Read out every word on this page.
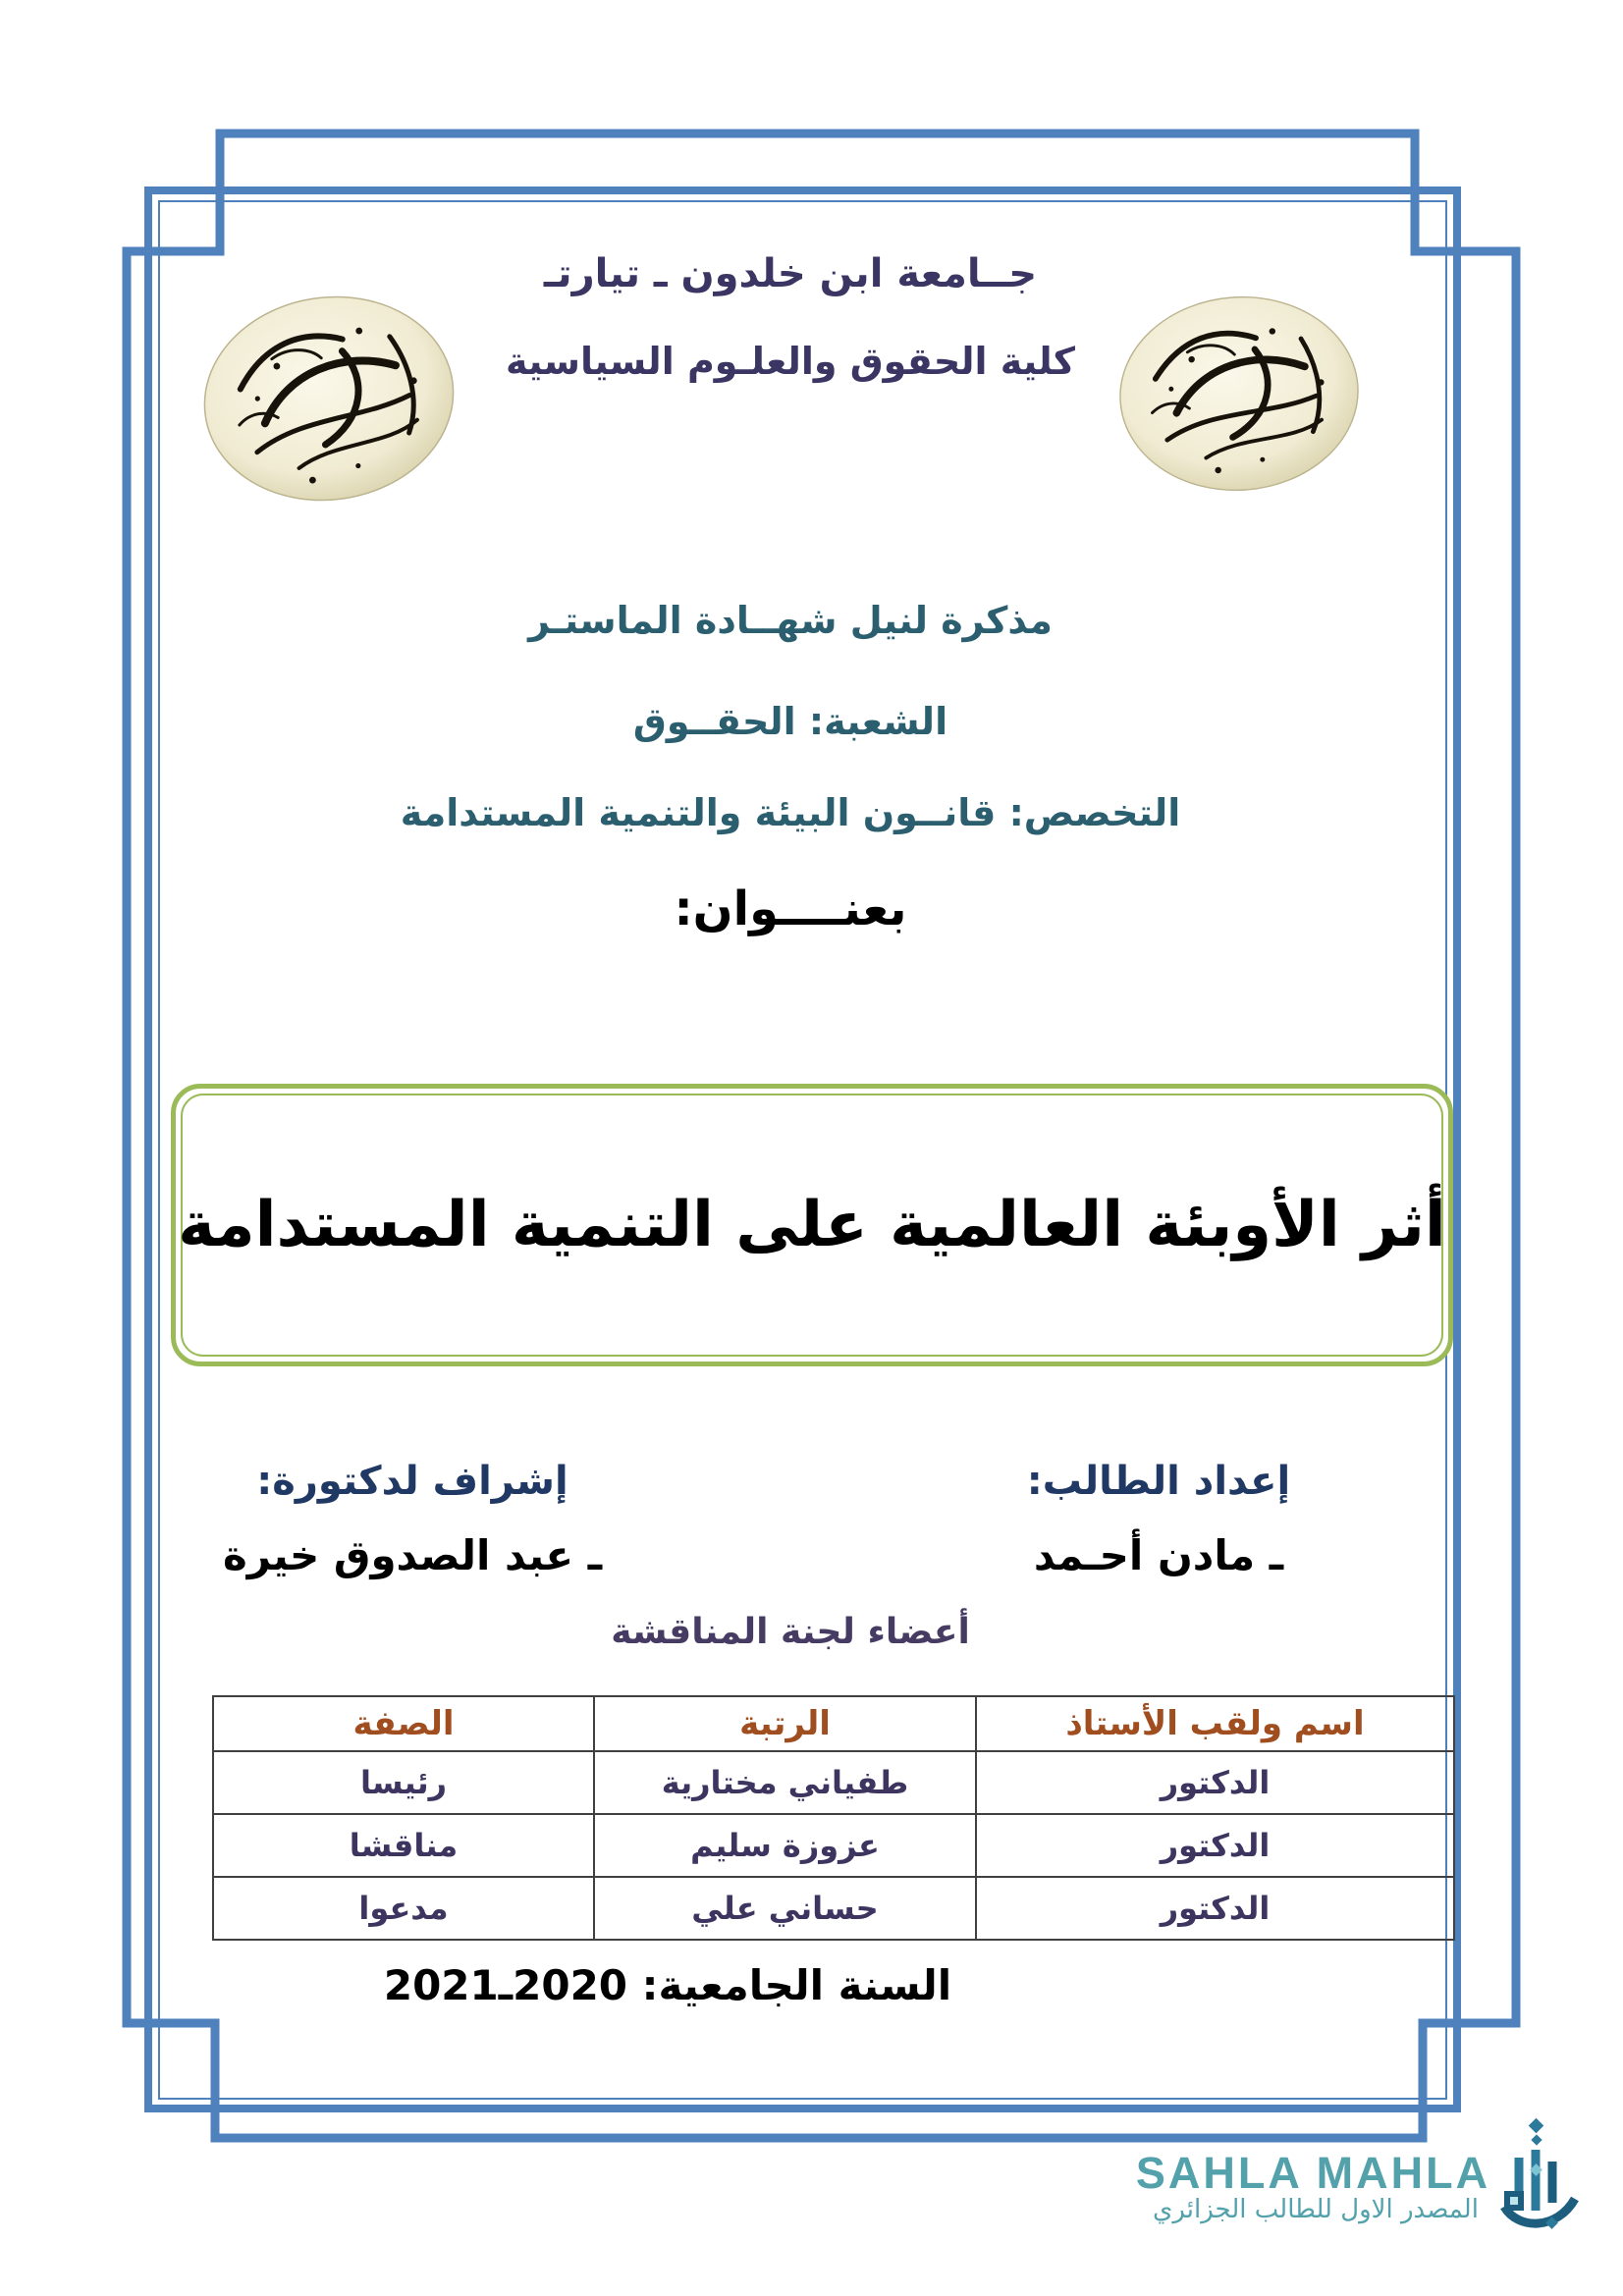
جــامعة ابن خلدون ـ تيارتـ
كلية الحقوق والعلـوم السياسية
مذكرة لنيل شهــادة الماستـر
الشعبة: الحقــوق
التخصص: قانــون البيئة والتنمية المستدامة
بعنــــوان:
أثر الأوبئة العالمية على التنمية المستدامة

إعداد الطالب:

ـ مادن أحـمد

إشراف لدكتورة:

ـ عبد الصدوق خيرة

أعضاء لجنة المناقشة
اسم ولقب الأستاذ	الرتبة	الصفة
الدكتور	طفياني مختارية	رئيسا
الدكتور	عزوزة سليم	مناقشا
الدكتور	حساني علي	مدعوا
السنة الجامعية: 2020ـ2021
SAHLA MAHLA
المصدر الاول للطالب الجزائري
